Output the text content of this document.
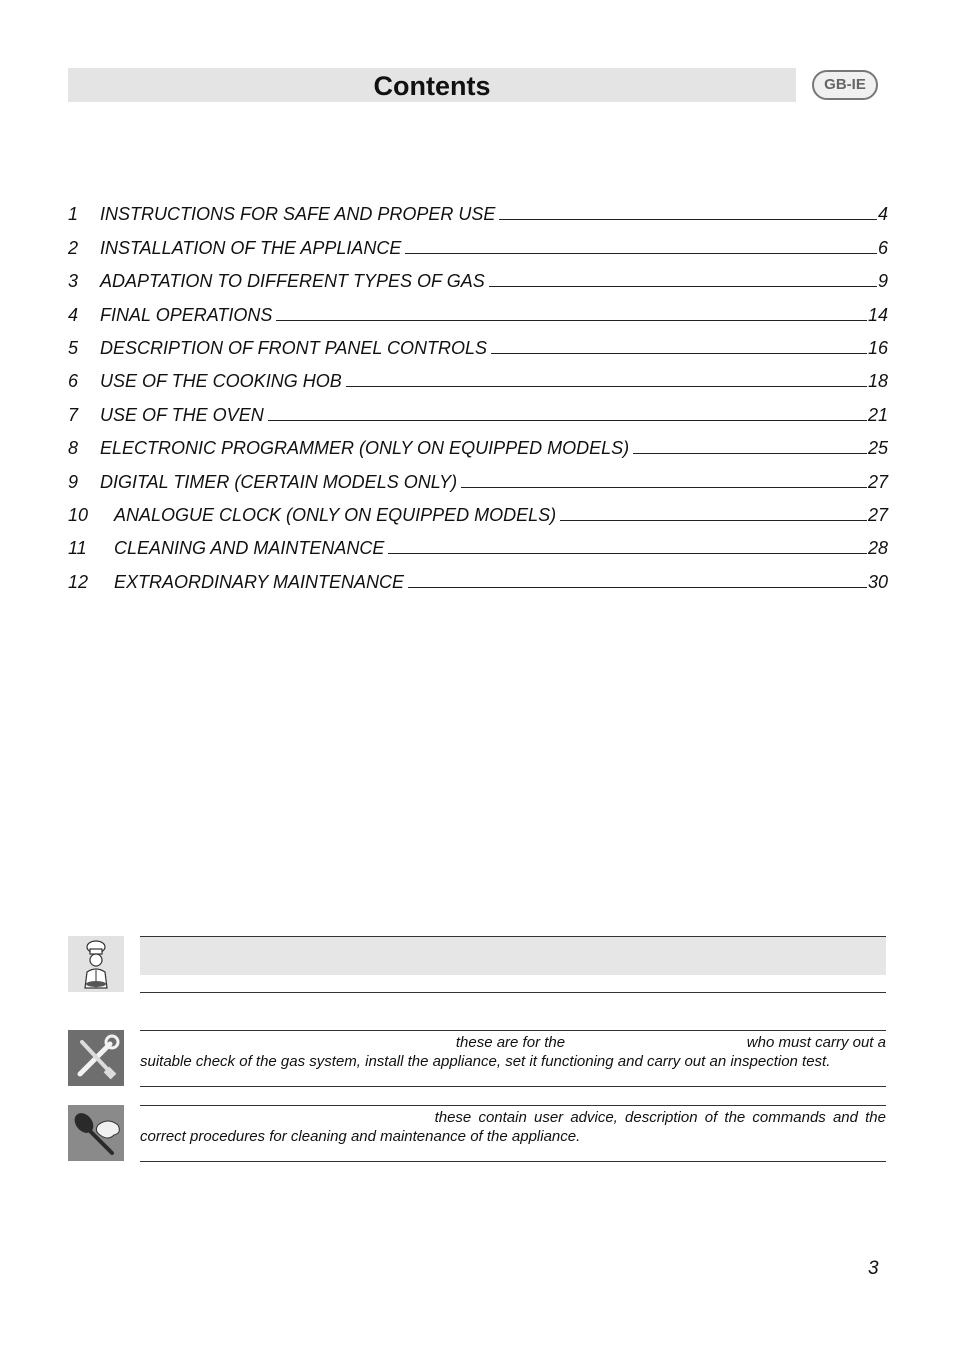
Contents	GB-IE
1	INSTRUCTIONS FOR SAFE AND PROPER USE	4
2	INSTALLATION OF THE APPLIANCE	6
3	ADAPTATION TO DIFFERENT TYPES OF GAS	9
4	FINAL OPERATIONS	14
5	DESCRIPTION OF FRONT PANEL CONTROLS	16
6	USE OF THE COOKING HOB	18
7	USE OF THE OVEN	21
8	ELECTRONIC PROGRAMMER (ONLY ON EQUIPPED MODELS)	25
9	DIGITAL TIMER (CERTAIN MODELS ONLY)	27
10	ANALOGUE CLOCK (ONLY ON EQUIPPED MODELS)	27
11	CLEANING AND MAINTENANCE	28
12	EXTRAORDINARY MAINTENANCE	30
these are for the	who must carry out a
suitable check of the gas system, install the appliance, set it functioning and carry out an inspection test.
these contain user advice, description of the commands and the
correct procedures for cleaning and maintenance of the appliance.
3
